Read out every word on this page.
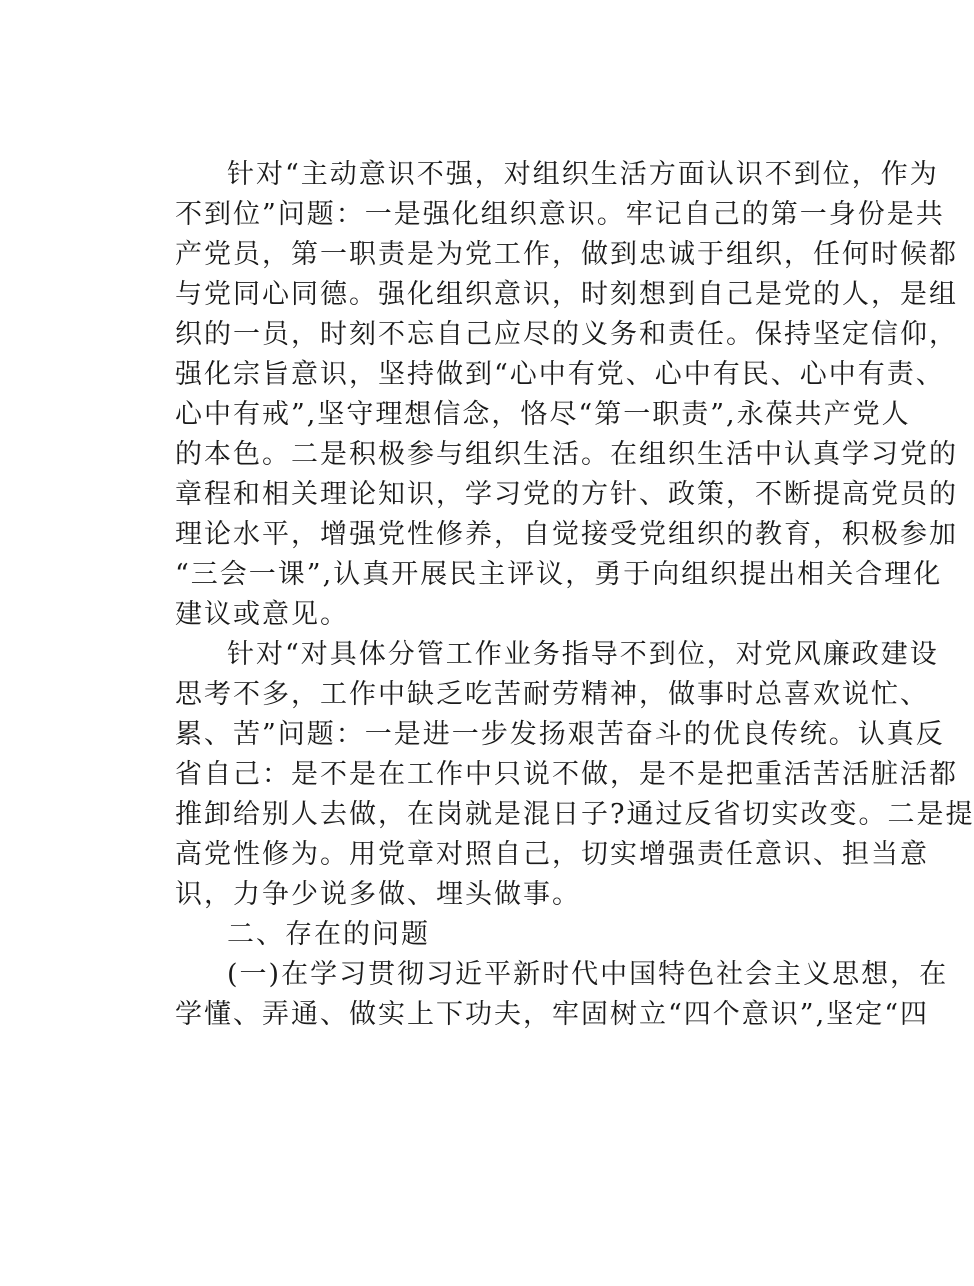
针对“主动意识不强，对组织生活方面认识不到位，作为
不到位”问题：一是强化组织意识。牢记自己的第一身份是共
产党员，第一职责是为党工作，做到忠诚于组织，任何时候都
与党同心同德。强化组织意识，时刻想到自己是党的人，是组
织的一员，时刻不忘自己应尽的义务和责任。保持坚定信仰，
强化宗旨意识，坚持做到“心中有党、心中有民、心中有责、
心中有戒”,坚守理想信念，恪尽“第一职责”,永葆共产党人
的本色。二是积极参与组织生活。在组织生活中认真学习党的
章程和相关理论知识，学习党的方针、政策，不断提高党员的
理论水平，增强党性修养，自觉接受党组织的教育，积极参加
“三会一课”,认真开展民主评议，勇于向组织提出相关合理化
建议或意见。
针对“对具体分管工作业务指导不到位，对党风廉政建设
思考不多，工作中缺乏吃苦耐劳精神，做事时总喜欢说忙、
累、苦”问题：一是进一步发扬艰苦奋斗的优良传统。认真反
省自己：是不是在工作中只说不做，是不是把重活苦活脏活都
推卸给别人去做，在岗就是混日子?通过反省切实改变。二是提
高党性修为。用党章对照自己，切实增强责任意识、担当意
识，力争少说多做、埋头做事。
二、存在的问题
(一)在学习贯彻习近平新时代中国特色社会主义思想，在
学懂、弄通、做实上下功夫，牢固树立“四个意识”,坚定“四
